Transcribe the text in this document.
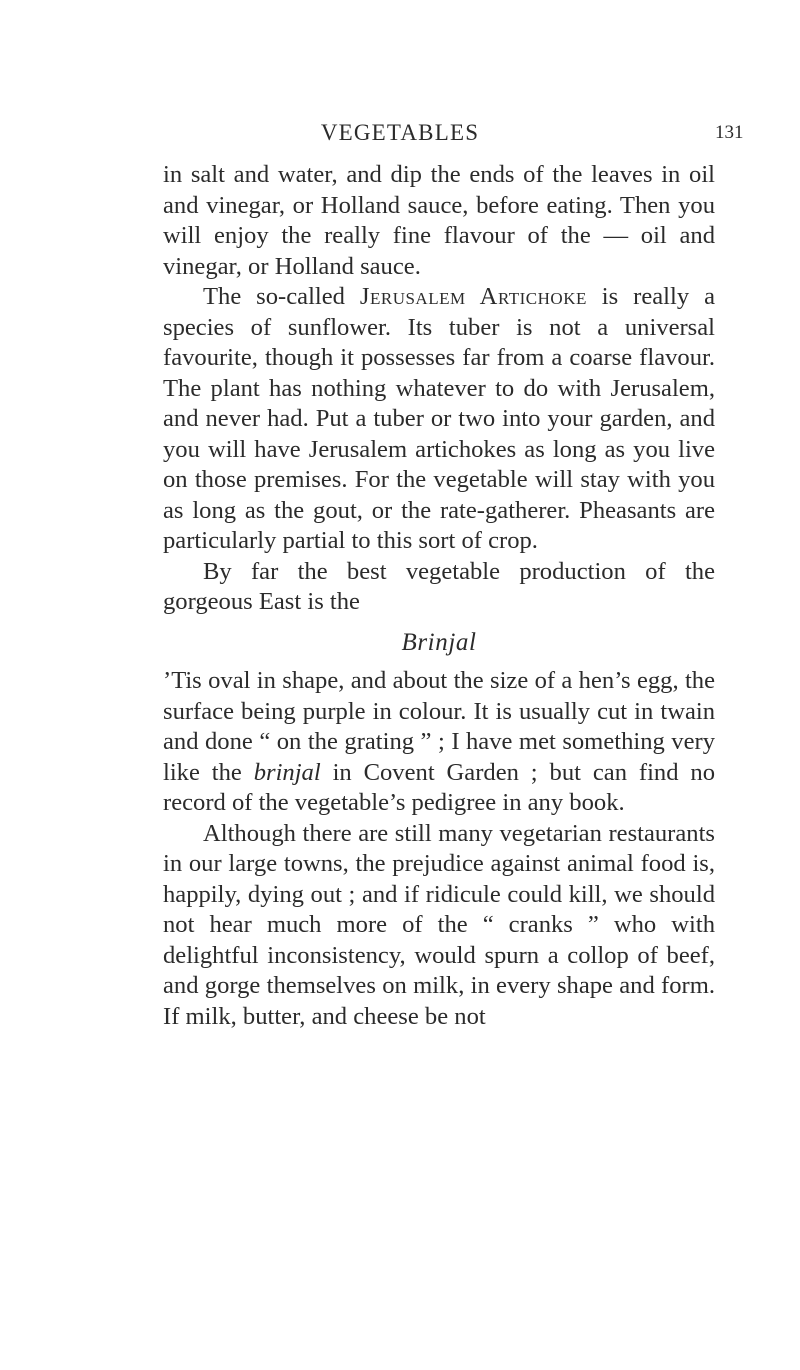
VEGETABLES	131

in salt and water, and dip the ends of the leaves in oil and vinegar, or Holland sauce, before eating. Then you will enjoy the really fine flavour of the — oil and vinegar, or Holland sauce.

The so-called Jerusalem Artichoke is really a species of sunflower. Its tuber is not a universal favourite, though it possesses far from a coarse flavour. The plant has nothing whatever to do with Jerusalem, and never had. Put a tuber or two into your garden, and you will have Jerusalem artichokes as long as you live on those premises. For the vegetable will stay with you as long as the gout, or the rate-gatherer. Pheasants are particularly partial to this sort of crop.

By far the best vegetable production of the gorgeous East is the

Brinjal

’Tis oval in shape, and about the size of a hen’s egg, the surface being purple in colour. It is usually cut in twain and done “ on the grating ” ; I have met something very like the brinjal in Covent Garden ; but can find no record of the vegetable’s pedigree in any book.

Although there are still many vegetarian restaurants in our large towns, the prejudice against animal food is, happily, dying out ; and if ridicule could kill, we should not hear much more of the “ cranks ” who with delightful inconsistency, would spurn a collop of beef, and gorge themselves on milk, in every shape and form. If milk, butter, and cheese be not
